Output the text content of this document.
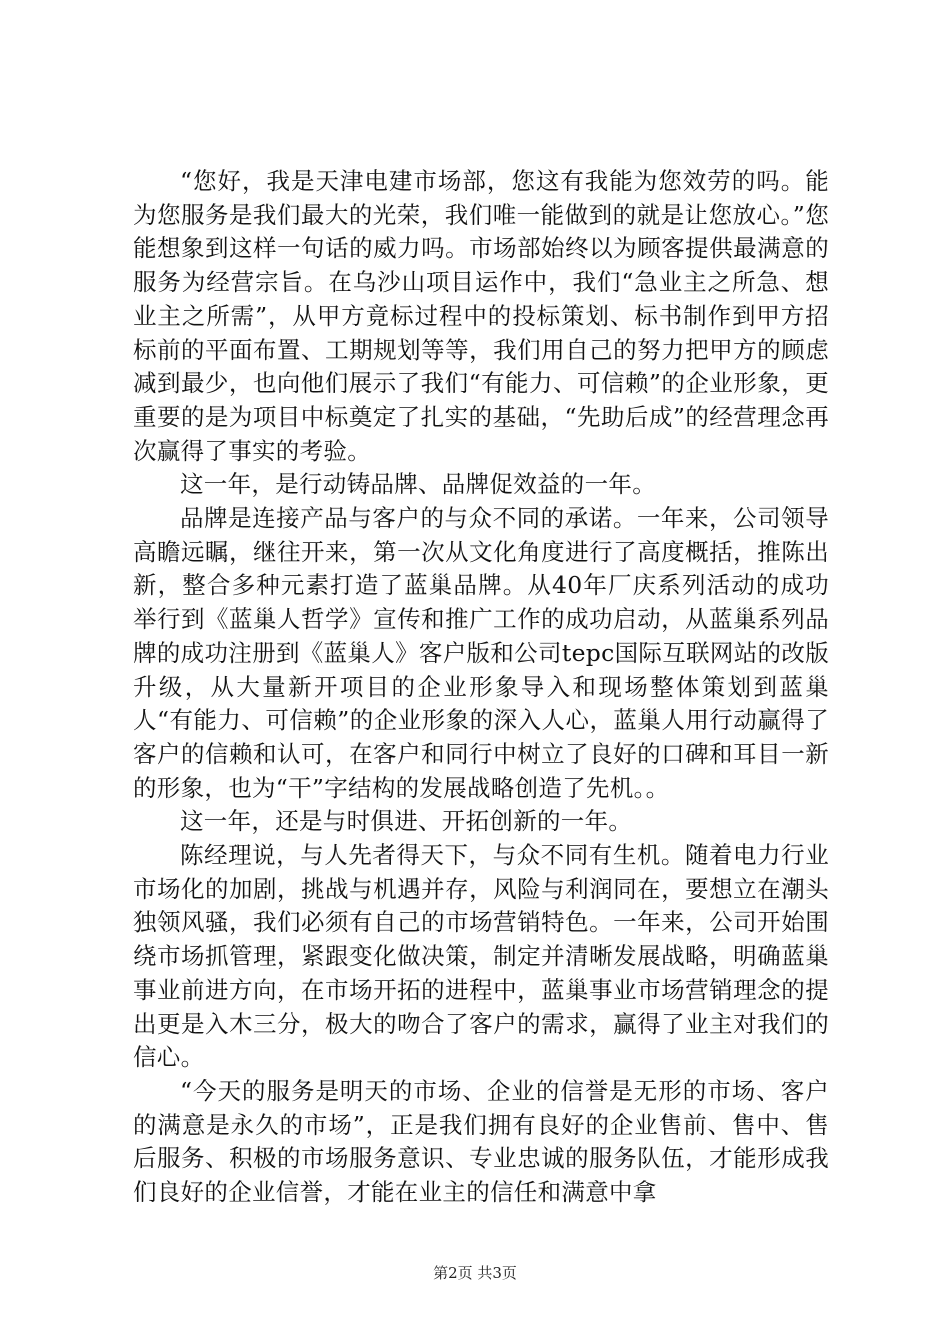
“您好，我是天津电建市场部，您这有我能为您效劳的吗。能为您服务是我们最大的光荣，我们唯一能做到的就是让您放心。”您能想象到这样一句话的威力吗。市场部始终以为顾客提供最满意的服务为经营宗旨。在乌沙山项目运作中，我们“急业主之所急、想业主之所需”，从甲方竟标过程中的投标策划、标书制作到甲方招标前的平面布置、工期规划等等，我们用自己的努力把甲方的顾虑减到最少，也向他们展示了我们“有能力、可信赖”的企业形象，更重要的是为项目中标奠定了扎实的基础，“先助后成”的经营理念再次赢得了事实的考验。

这一年，是行动铸品牌、品牌促效益的一年。

品牌是连接产品与客户的与众不同的承诺。一年来，公司领导高瞻远瞩，继往开来，第一次从文化角度进行了高度概括，推陈出新，整合多种元素打造了蓝巢品牌。从40年厂庆系列活动的成功举行到《蓝巢人哲学》宣传和推广工作的成功启动，从蓝巢系列品牌的成功注册到《蓝巢人》客户版和公司tepc国际互联网站的改版升级，从大量新开项目的企业形象导入和现场整体策划到蓝巢人“有能力、可信赖”的企业形象的深入人心，蓝巢人用行动赢得了客户的信赖和认可，在客户和同行中树立了良好的口碑和耳目一新的形象，也为“干”字结构的发展战略创造了先机。。

这一年，还是与时俱进、开拓创新的一年。

陈经理说，与人先者得天下，与众不同有生机。随着电力行业市场化的加剧，挑战与机遇并存，风险与利润同在，要想立在潮头独领风骚，我们必须有自己的市场营销特色。一年来，公司开始围绕市场抓管理，紧跟变化做决策，制定并清晰发展战略，明确蓝巢事业前进方向，在市场开拓的进程中，蓝巢事业市场营销理念的提出更是入木三分，极大的吻合了客户的需求，赢得了业主对我们的信心。

“今天的服务是明天的市场、企业的信誉是无形的市场、客户的满意是永久的市场”，正是我们拥有良好的企业售前、售中、售后服务、积极的市场服务意识、专业忠诚的服务队伍，才能形成我们良好的企业信誉，才能在业主的信任和满意中拿

第2页 共3页
